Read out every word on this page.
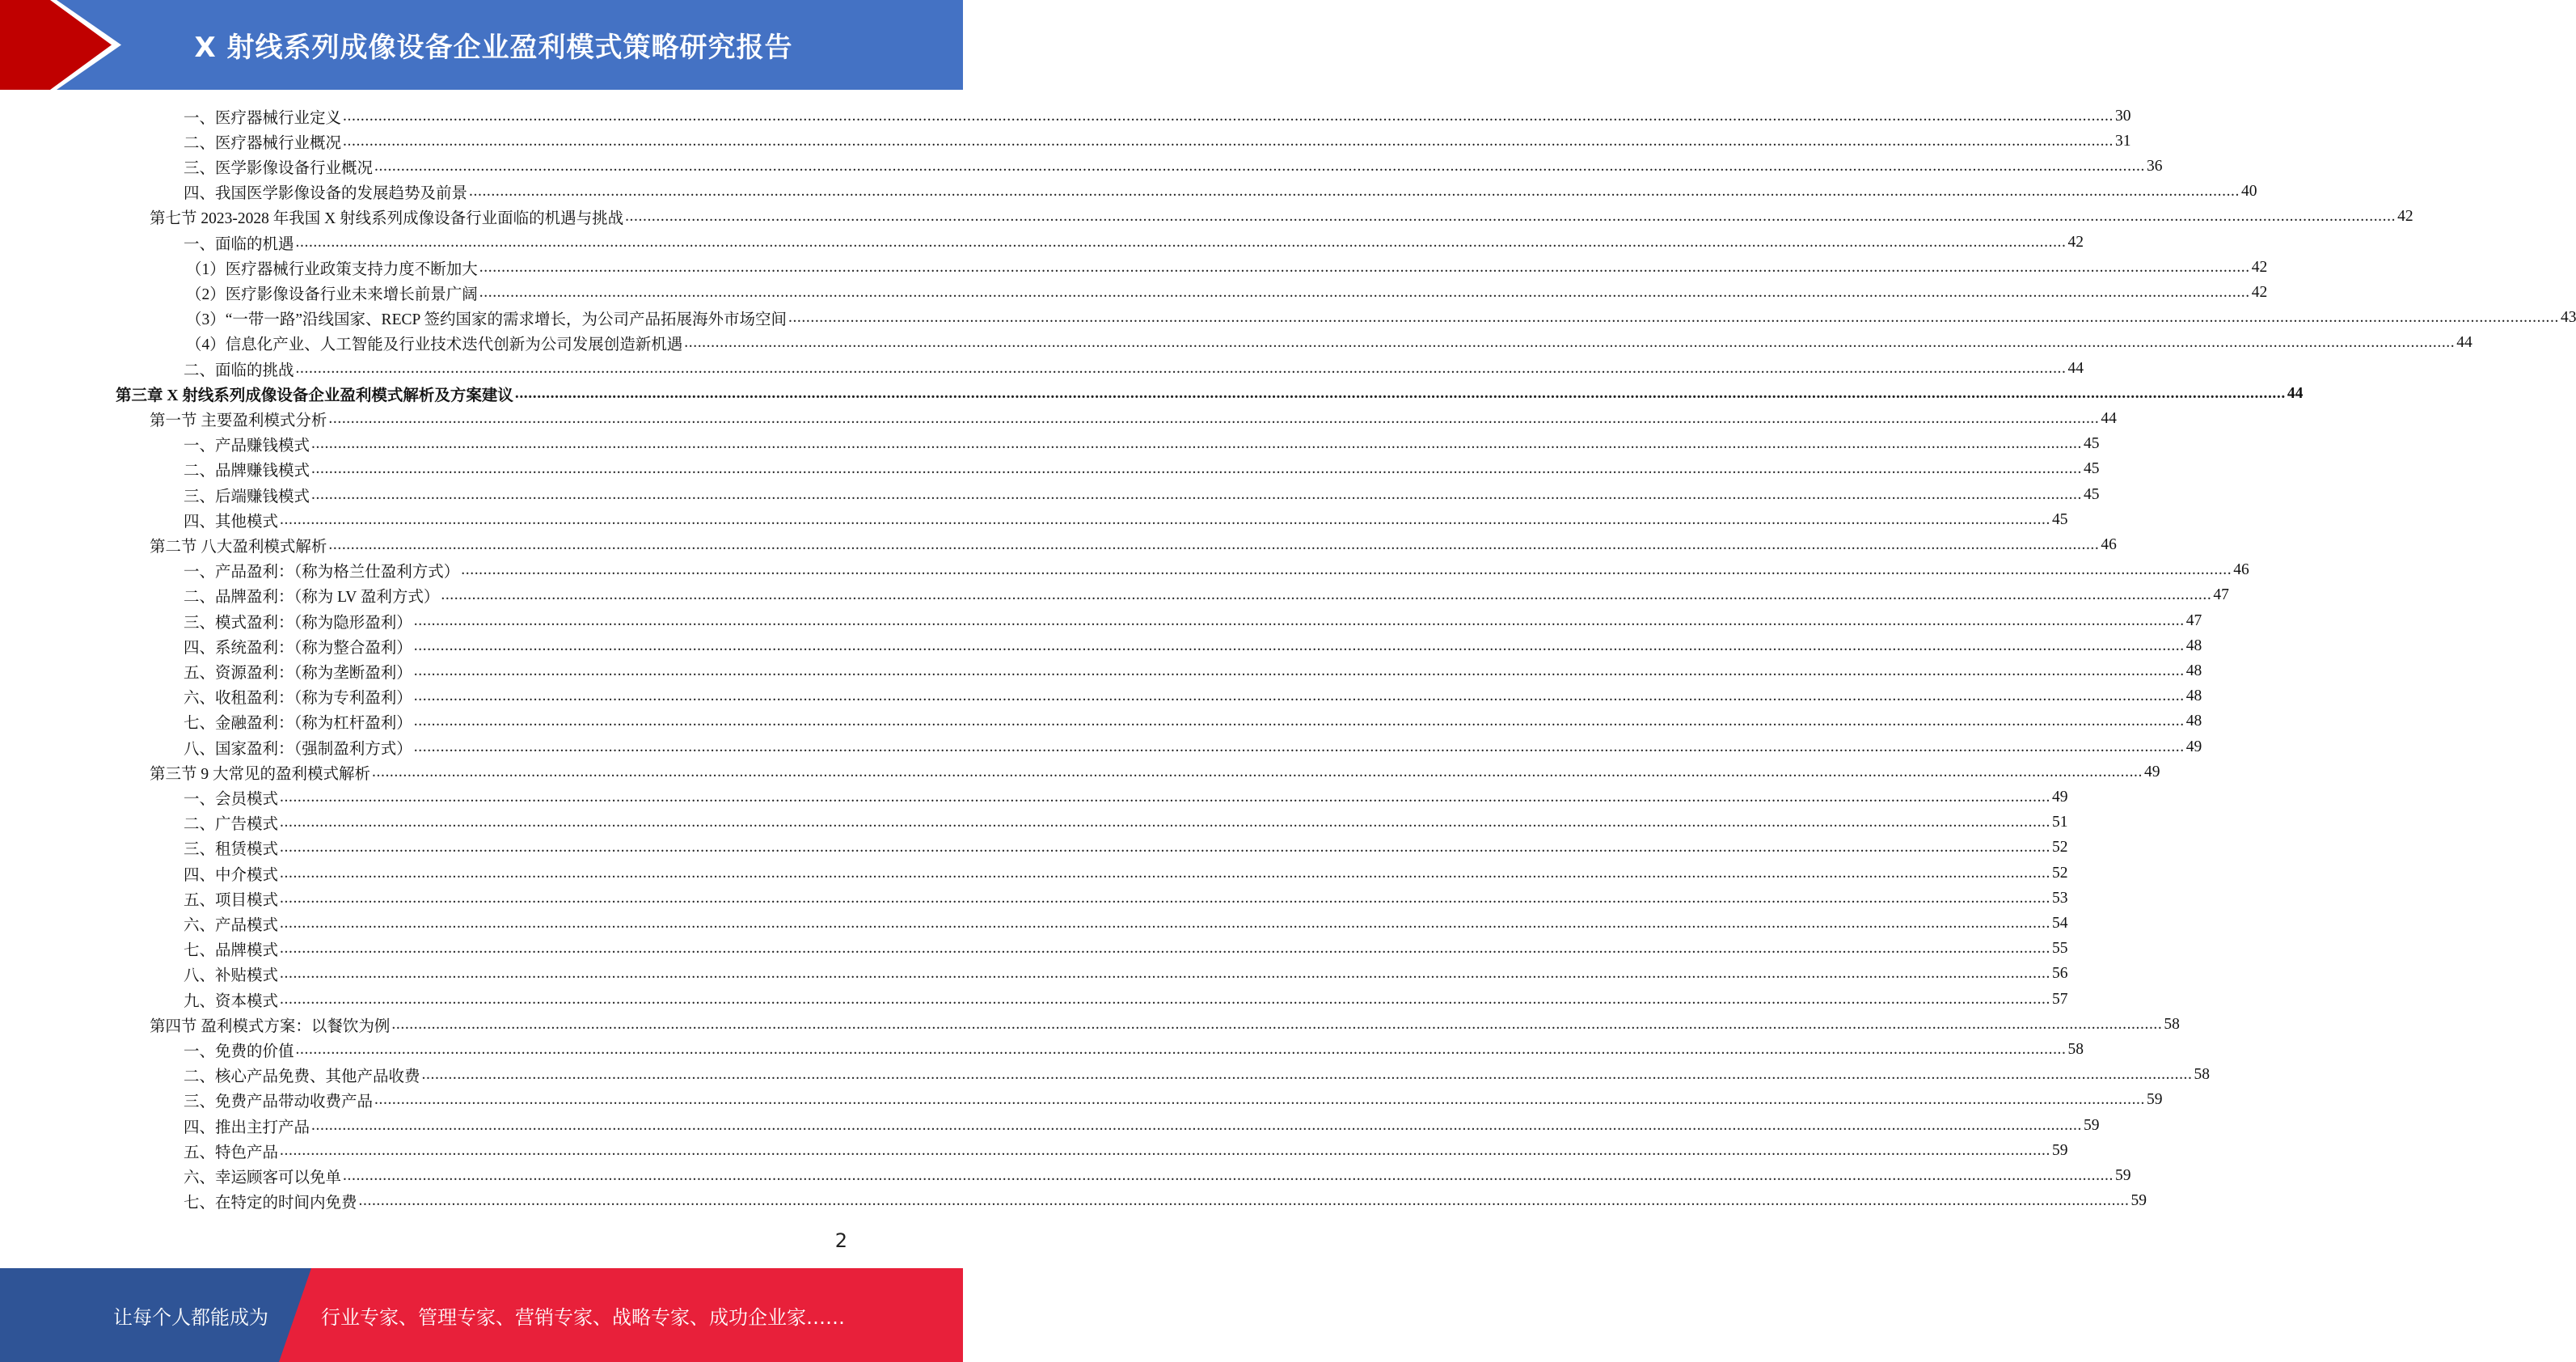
X 射线系列成像设备企业盈利模式策略研究报告
一、医疗器械行业定义 ................................................................................................................................................................................................................................................................................................................................................................................................................ 30
二、医疗器械行业概况 ................................................................................................................................................................................................................................................................................................................................................................................................................ 31
三、医学影像设备行业概况 ................................................................................................................................................................................................................................................................................................................................................................................................................ 36
四、我国医学影像设备的发展趋势及前景 ................................................................................................................................................................................................................................................................................................................................................................................................................ 40
第七节 2023-2028 年我国 X 射线系列成像设备行业面临的机遇与挑战 ................................................................................................................................................................................................................................................................................................................................................................................................................ 42
一、面临的机遇 ................................................................................................................................................................................................................................................................................................................................................................................................................ 42
（1）医疗器械行业政策支持力度不断加大 ................................................................................................................................................................................................................................................................................................................................................................................................................ 42
（2）医疗影像设备行业未来增长前景广阔 ................................................................................................................................................................................................................................................................................................................................................................................................................ 42
（3）“一带一路”沿线国家、RECP 签约国家的需求增长，为公司产品拓展海外市场空间 ................................................................................................................................................................................................................................................................................................................................................................................................................ 43
（4）信息化产业、人工智能及行业技术迭代创新为公司发展创造新机遇 ................................................................................................................................................................................................................................................................................................................................................................................................................ 44
二、面临的挑战 ................................................................................................................................................................................................................................................................................................................................................................................................................ 44
第三章 X 射线系列成像设备企业盈利模式解析及方案建议 ................................................................................................................................................................................................................................................................................................................................................................................................................ 44
第一节 主要盈利模式分析 ................................................................................................................................................................................................................................................................................................................................................................................................................ 44
一、产品赚钱模式 ................................................................................................................................................................................................................................................................................................................................................................................................................ 45
二、品牌赚钱模式 ................................................................................................................................................................................................................................................................................................................................................................................................................ 45
三、后端赚钱模式 ................................................................................................................................................................................................................................................................................................................................................................................................................ 45
四、其他模式 ................................................................................................................................................................................................................................................................................................................................................................................................................ 45
第二节 八大盈利模式解析 ................................................................................................................................................................................................................................................................................................................................................................................................................ 46
一、产品盈利：（称为格兰仕盈利方式） ................................................................................................................................................................................................................................................................................................................................................................................................................ 46
二、品牌盈利：（称为 LV 盈利方式） ................................................................................................................................................................................................................................................................................................................................................................................................................ 47
三、模式盈利：（称为隐形盈利） ................................................................................................................................................................................................................................................................................................................................................................................................................ 47
四、系统盈利：（称为整合盈利） ................................................................................................................................................................................................................................................................................................................................................................................................................ 48
五、资源盈利：（称为垄断盈利） ................................................................................................................................................................................................................................................................................................................................................................................................................ 48
六、收租盈利：（称为专利盈利） ................................................................................................................................................................................................................................................................................................................................................................................................................ 48
七、金融盈利：（称为杠杆盈利） ................................................................................................................................................................................................................................................................................................................................................................................................................ 48
八、国家盈利：（强制盈利方式） ................................................................................................................................................................................................................................................................................................................................................................................................................ 49
第三节 9 大常见的盈利模式解析 ................................................................................................................................................................................................................................................................................................................................................................................................................ 49
一、会员模式 ................................................................................................................................................................................................................................................................................................................................................................................................................ 49
二、广告模式 ................................................................................................................................................................................................................................................................................................................................................................................................................ 51
三、租赁模式 ................................................................................................................................................................................................................................................................................................................................................................................................................ 52
四、中介模式 ................................................................................................................................................................................................................................................................................................................................................................................................................ 52
五、项目模式 ................................................................................................................................................................................................................................................................................................................................................................................................................ 53
六、产品模式 ................................................................................................................................................................................................................................................................................................................................................................................................................ 54
七、品牌模式 ................................................................................................................................................................................................................................................................................................................................................................................................................ 55
八、补贴模式 ................................................................................................................................................................................................................................................................................................................................................................................................................ 56
九、资本模式 ................................................................................................................................................................................................................................................................................................................................................................................................................ 57
第四节 盈利模式方案：以餐饮为例 ................................................................................................................................................................................................................................................................................................................................................................................................................ 58
一、免费的价值 ................................................................................................................................................................................................................................................................................................................................................................................................................ 58
二、核心产品免费、其他产品收费 ................................................................................................................................................................................................................................................................................................................................................................................................................ 58
三、免费产品带动收费产品 ................................................................................................................................................................................................................................................................................................................................................................................................................ 59
四、推出主打产品 ................................................................................................................................................................................................................................................................................................................................................................................................................ 59
五、特色产品 ................................................................................................................................................................................................................................................................................................................................................................................................................ 59
六、幸运顾客可以免单 ................................................................................................................................................................................................................................................................................................................................................................................................................ 59
七、在特定的时间内免费 ................................................................................................................................................................................................................................................................................................................................................................................................................ 59
2
让每个人都能成为	行业专家、管理专家、营销专家、战略专家、成功企业家……
